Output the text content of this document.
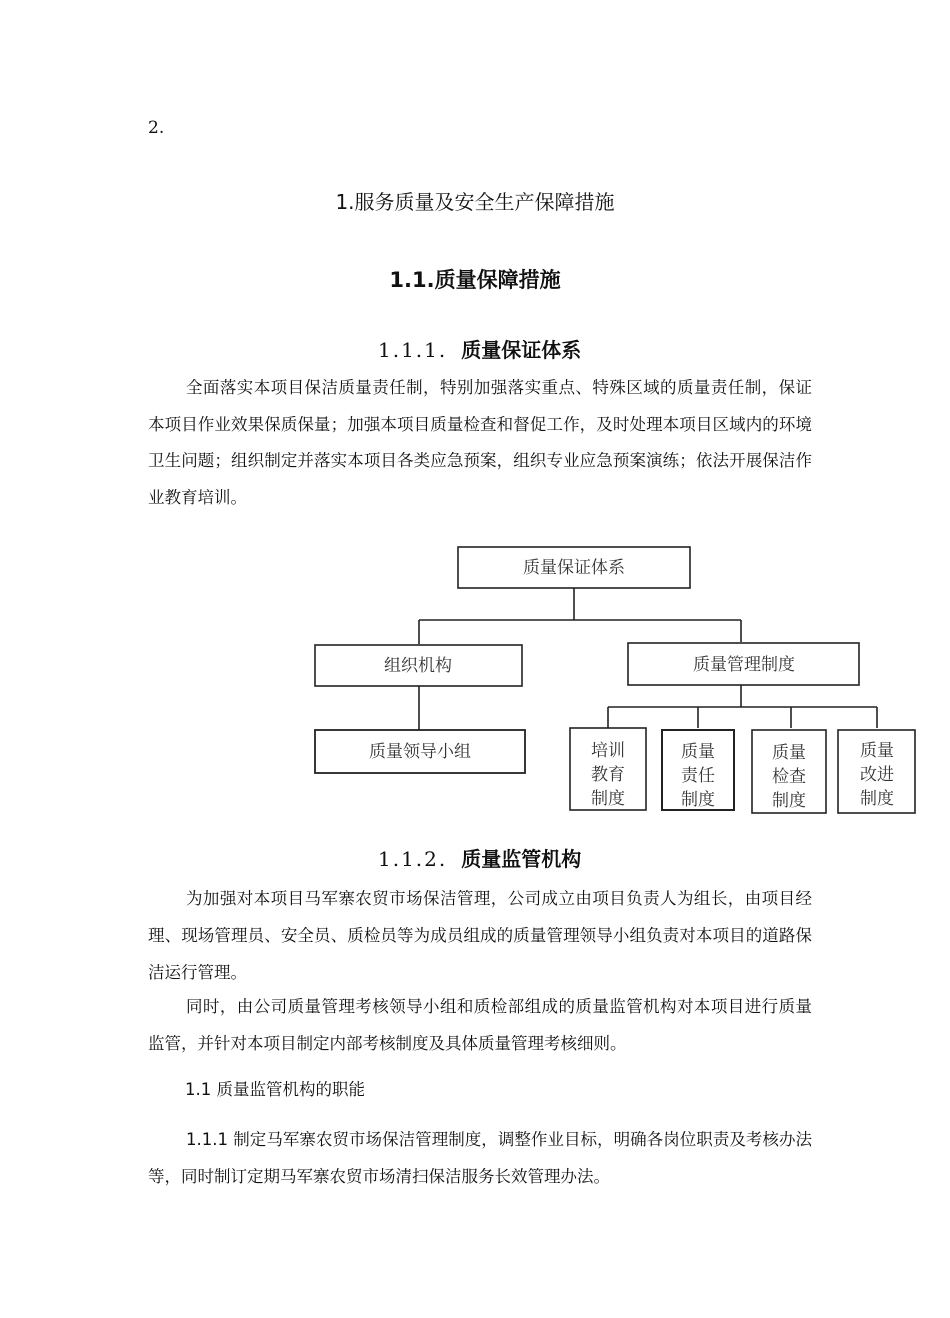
2.
1.服务质量及安全生产保障措施
1.1.质量保障措施
1.1.1. 质量保证体系
全面落实本项目保洁质量责任制，特别加强落实重点、特殊区域的质量责任制，保证本项目作业效果保质保量；加强本项目质量检查和督促工作，及时处理本项目区域内的环境卫生问题；组织制定并落实本项目各类应急预案，组织专业应急预案演练；依法开展保洁作业教育培训。
质量保证体系
组织机构	质量管理制度
质量领导小组	培训
教育
制度
质量
责任
制度
质量
检查
制度
质量
改进
制度
1.1.2. 质量监管机构
为加强对本项目马军寨农贸市场保洁管理，公司成立由项目负责人为组长，由项目经理、现场管理员、安全员、质检员等为成员组成的质量管理领导小组负责对本项目的道路保洁运行管理。
同时，由公司质量管理考核领导小组和质检部组成的质量监管机构对本项目进行质量监管，并针对本项目制定内部考核制度及具体质量管理考核细则。
1.1 质量监管机构的职能
1.1.1 制定马军寨农贸市场保洁管理制度，调整作业目标，明确各岗位职责及考核办法等，同时制订定期马军寨农贸市场清扫保洁服务长效管理办法。
